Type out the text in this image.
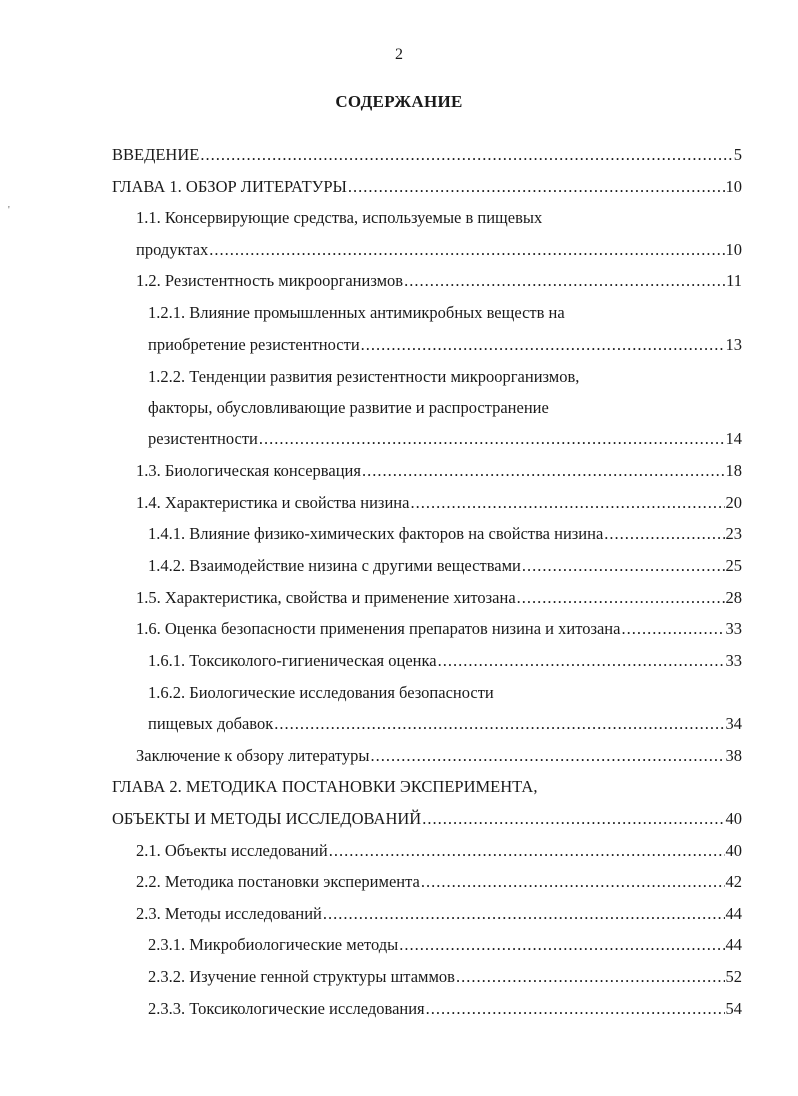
2
СОДЕРЖАНИЕ
'
ВВЕДЕНИЕ .....	5
ГЛАВА 1. ОБЗОР ЛИТЕРАТУРЫ .....	10
1.1. Консервирующие средства, используемые в пищевых
продуктах .....	10
1.2. Резистентность микроорганизмов .....	11
1.2.1. Влияние промышленных антимикробных веществ на
приобретение резистентности .....	13
1.2.2. Тенденции развития резистентности микроорганизмов,
факторы, обусловливающие развитие и распространение
резистентности .....	14
1.3. Биологическая консервация .....	18
1.4. Характеристика и свойства низина .....	20
1.4.1. Влияние физико-химических факторов на свойства низина .....	23
1.4.2. Взаимодействие низина с другими веществами .....	25
1.5. Характеристика, свойства и применение хитозана .....	28
1.6. Оценка безопасности применения препаратов низина и хитозана .....	33
1.6.1. Токсиколого-гигиеническая оценка .....	33
1.6.2. Биологические исследования безопасности
пищевых добавок .....	34
Заключение к обзору литературы .....	38
ГЛАВА 2. МЕТОДИКА ПОСТАНОВКИ ЭКСПЕРИМЕНТА,
ОБЪЕКТЫ И МЕТОДЫ ИССЛЕДОВАНИЙ .....	40
2.1. Объекты исследований .....	40
2.2. Методика постановки эксперимента .....	42
2.3. Методы исследований .....	44
2.3.1. Микробиологические методы .....	44
2.3.2. Изучение генной структуры штаммов .....	52
2.3.3. Токсикологические исследования .....	54
